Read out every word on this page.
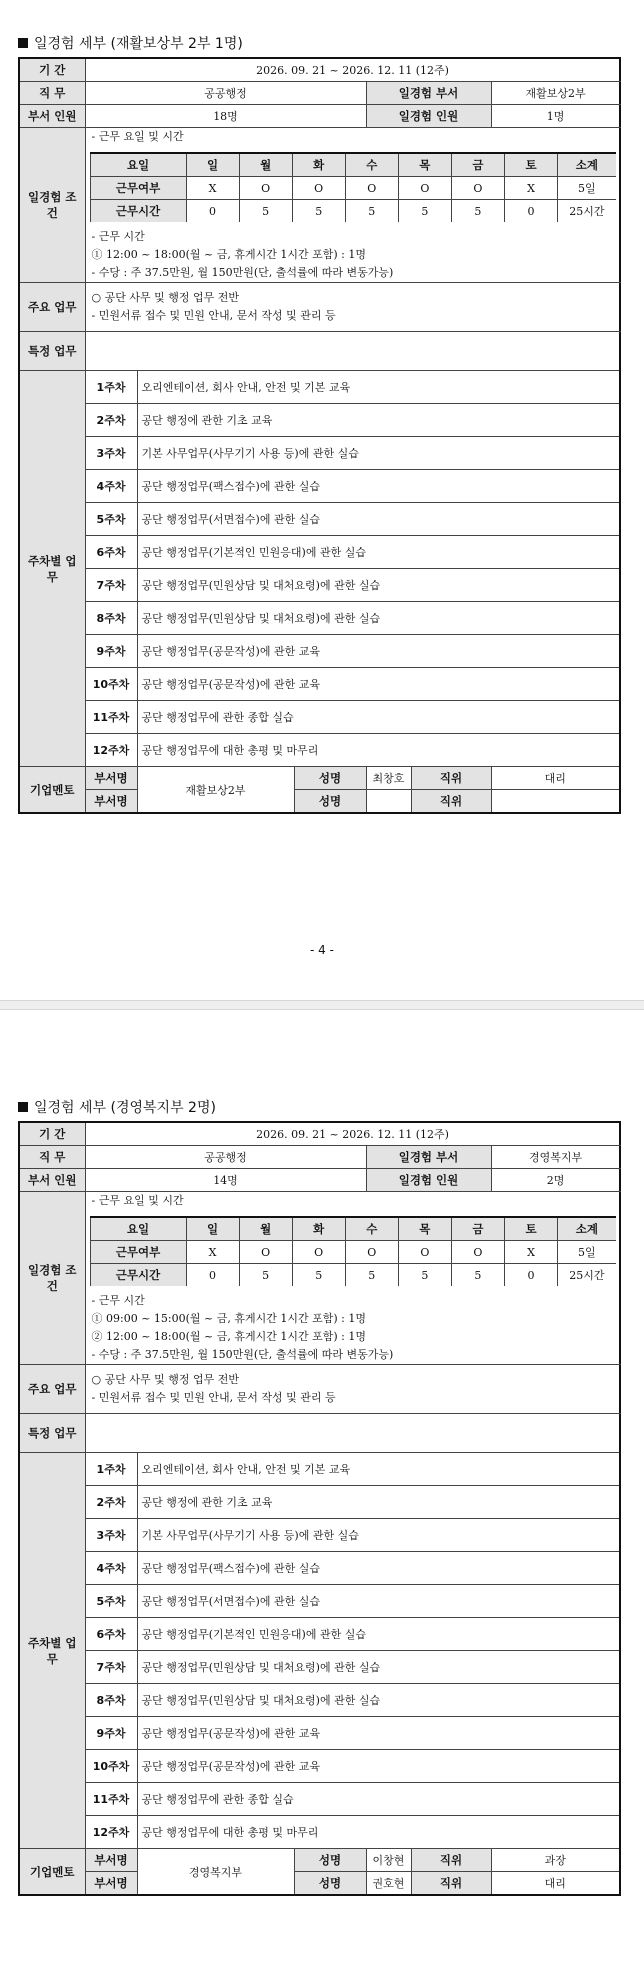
일경험 세부 (재활보상부 2부 1명)
기 간	2026. 09. 21 ~ 2026. 12. 11 (12주)
직 무	공공행정	일경험 부서	재활보상2부
부서 인원	18명	일경험 인원	1명
일경험 조 건	
- 근무 요일 및 시간
요일	일	월	화	수	목	금	토	소계
근무여부	X	O	O	O	O	O	X	5일
근무시간	0	5	5	5	5	5	0	25시간
- 근무 시간
① 12:00 ~ 18:00(월 ~ 금, 휴게시간 1시간 포함) : 1명
- 수당 : 주 37.5만원, 월 150만원(단, 출석률에 따라 변동가능)

주요 업무	
○ 공단 사무 및 행정 업무 전반
- 민원서류 접수 및 민원 안내, 문서 작성 및 관리 등

특정 업무	
주차별 업무	1주차	오리엔테이션, 회사 안내, 안전 및 기본 교육
2주차	공단 행정에 관한 기초 교육
3주차	기본 사무업무(사무기기 사용 등)에 관한 실습
4주차	공단 행정업무(팩스접수)에 관한 실습
5주차	공단 행정업무(서면접수)에 관한 실습
6주차	공단 행정업무(기본적인 민원응대)에 관한 실습
7주차	공단 행정업무(민원상담 및 대처요령)에 관한 실습
8주차	공단 행정업무(민원상담 및 대처요령)에 관한 실습
9주차	공단 행정업무(공문작성)에 관한 교육
10주차	공단 행정업무(공문작성)에 관한 교육
11주차	공단 행정업무에 관한 종합 실습
12주차	공단 행정업무에 대한 총평 및 마무리
기업멘토	부서명	재활보상2부	성명	최창호	직위	대리
부서명	성명		직위	
- 4 -
일경험 세부 (경영복지부 2명)
기 간	2026. 09. 21 ~ 2026. 12. 11 (12주)
직 무	공공행정	일경험 부서	경영복지부
부서 인원	14명	일경험 인원	2명
일경험 조 건	
- 근무 요일 및 시간
요일	일	월	화	수	목	금	토	소계
근무여부	X	O	O	O	O	O	X	5일
근무시간	0	5	5	5	5	5	0	25시간
- 근무 시간
① 09:00 ~ 15:00(월 ~ 금, 휴게시간 1시간 포함) : 1명
② 12:00 ~ 18:00(월 ~ 금, 휴게시간 1시간 포함) : 1명
- 수당 : 주 37.5만원, 월 150만원(단, 출석률에 따라 변동가능)

주요 업무	
○ 공단 사무 및 행정 업무 전반
- 민원서류 접수 및 민원 안내, 문서 작성 및 관리 등

특정 업무	
주차별 업무	1주차	오리엔테이션, 회사 안내, 안전 및 기본 교육
2주차	공단 행정에 관한 기초 교육
3주차	기본 사무업무(사무기기 사용 등)에 관한 실습
4주차	공단 행정업무(팩스접수)에 관한 실습
5주차	공단 행정업무(서면접수)에 관한 실습
6주차	공단 행정업무(기본적인 민원응대)에 관한 실습
7주차	공단 행정업무(민원상담 및 대처요령)에 관한 실습
8주차	공단 행정업무(민원상담 및 대처요령)에 관한 실습
9주차	공단 행정업무(공문작성)에 관한 교육
10주차	공단 행정업무(공문작성)에 관한 교육
11주차	공단 행정업무에 관한 종합 실습
12주차	공단 행정업무에 대한 총평 및 마무리
기업멘토	부서명	경영복지부	성명	이창현	직위	과장
부서명	성명	권호현	직위	대리
